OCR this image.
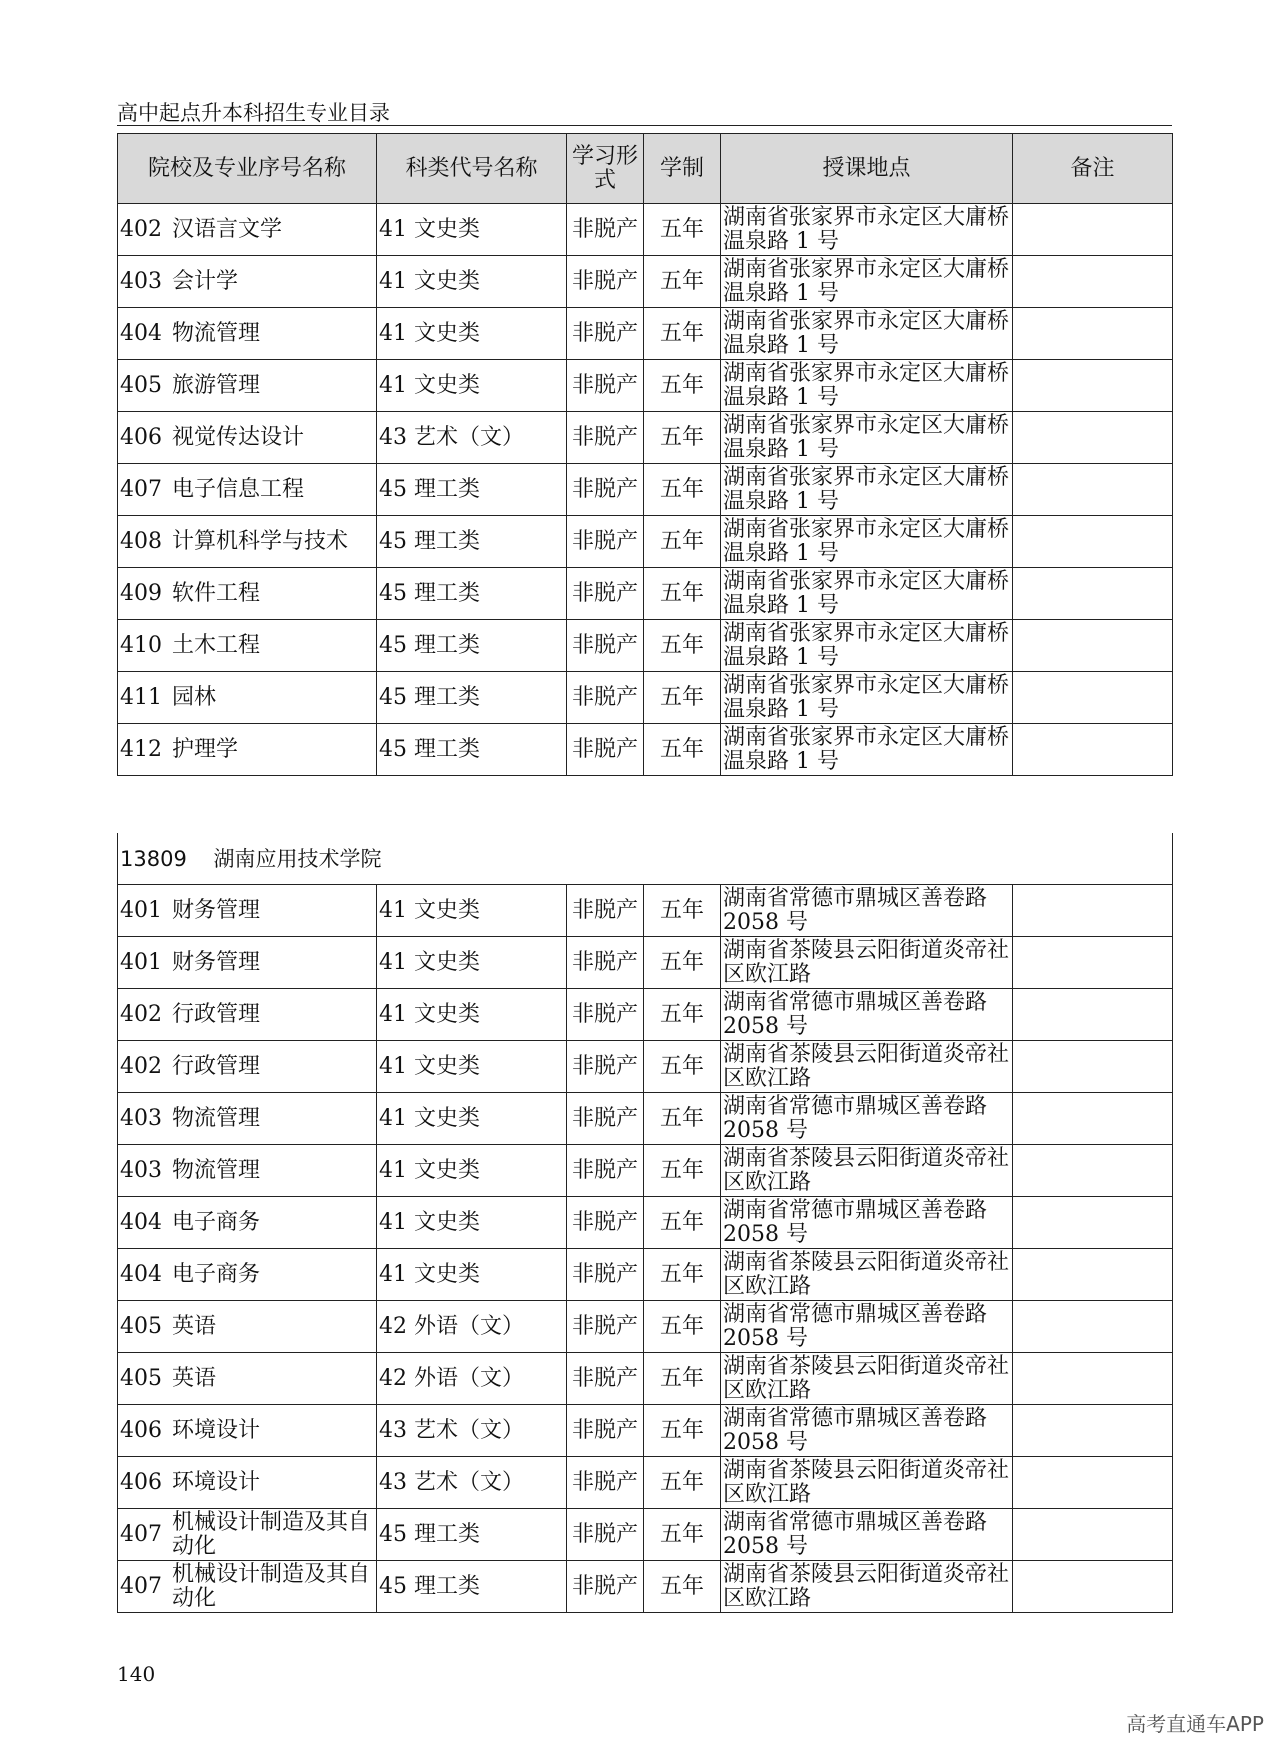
高中起点升本科招生专业目录
院校及专业序号名称	科类代号名称	学习形式	学制	授课地点	备注

402 汉语言文学	41 文史类	非脱产	五年	湖南省张家界市永定区大庸桥温泉路 1 号	

403 会计学	41 文史类	非脱产	五年	湖南省张家界市永定区大庸桥温泉路 1 号	

404 物流管理	41 文史类	非脱产	五年	湖南省张家界市永定区大庸桥温泉路 1 号	

405 旅游管理	41 文史类	非脱产	五年	湖南省张家界市永定区大庸桥温泉路 1 号	

406 视觉传达设计	43 艺术（文）	非脱产	五年	湖南省张家界市永定区大庸桥温泉路 1 号	

407 电子信息工程	45 理工类	非脱产	五年	湖南省张家界市永定区大庸桥温泉路 1 号	

408 计算机科学与技术	45 理工类	非脱产	五年	湖南省张家界市永定区大庸桥温泉路 1 号	

409 软件工程	45 理工类	非脱产	五年	湖南省张家界市永定区大庸桥温泉路 1 号	

410 土木工程	45 理工类	非脱产	五年	湖南省张家界市永定区大庸桥温泉路 1 号	

411 园林	45 理工类	非脱产	五年	湖南省张家界市永定区大庸桥温泉路 1 号	

412 护理学	45 理工类	非脱产	五年	湖南省张家界市永定区大庸桥温泉路 1 号	
13809 湖南应用技术学院					

401 财务管理	41 文史类	非脱产	五年	湖南省常德市鼎城区善卷路 2058 号	

401 财务管理	41 文史类	非脱产	五年	湖南省茶陵县云阳街道炎帝社区欧江路	

402 行政管理	41 文史类	非脱产	五年	湖南省常德市鼎城区善卷路 2058 号	

402 行政管理	41 文史类	非脱产	五年	湖南省茶陵县云阳街道炎帝社区欧江路	

403 物流管理	41 文史类	非脱产	五年	湖南省常德市鼎城区善卷路 2058 号	

403 物流管理	41 文史类	非脱产	五年	湖南省茶陵县云阳街道炎帝社区欧江路	

404 电子商务	41 文史类	非脱产	五年	湖南省常德市鼎城区善卷路 2058 号	

404 电子商务	41 文史类	非脱产	五年	湖南省茶陵县云阳街道炎帝社区欧江路	

405 英语	42 外语（文）	非脱产	五年	湖南省常德市鼎城区善卷路 2058 号	

405 英语	42 外语（文）	非脱产	五年	湖南省茶陵县云阳街道炎帝社区欧江路	

406 环境设计	43 艺术（文）	非脱产	五年	湖南省常德市鼎城区善卷路 2058 号	

406 环境设计	43 艺术（文）	非脱产	五年	湖南省茶陵县云阳街道炎帝社区欧江路	

407 机械设计制造及其自动化	45 理工类	非脱产	五年	湖南省常德市鼎城区善卷路 2058 号	

407 机械设计制造及其自动化	45 理工类	非脱产	五年	湖南省茶陵县云阳街道炎帝社区欧江路	
140
高考直通车APP
